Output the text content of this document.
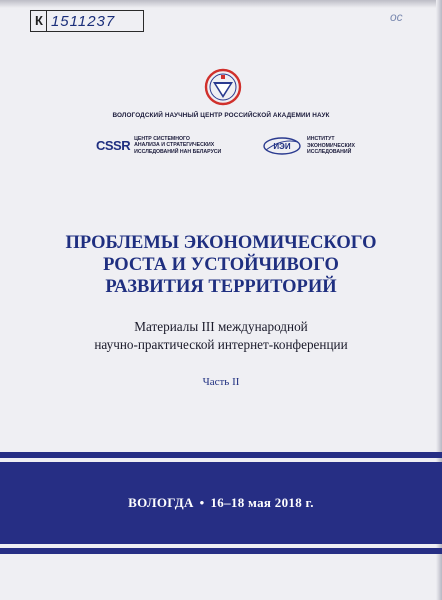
К 1511237	ос
ВОЛОГОДСКИЙ НАУЧНЫЙ ЦЕНТР РОССИЙСКОЙ АКАДЕМИИ НАУК
CSSR ЦЕНТР СИСТЕМНОГО
АНАЛИЗА И СТРАТЕГИЧЕСКИХ
ИССЛЕДОВАНИЙ НАН БЕЛАРУСИ
ИЭИ
ИНСТИТУТ
ЭКОНОМИЧЕСКИХ
ИССЛЕДОВАНИЙ
ПРОБЛЕМЫ ЭКОНОМИЧЕСКОГО
РОСТА И УСТОЙЧИВОГО
РАЗВИТИЯ ТЕРРИТОРИЙ
Материалы III международной
научно-практической интернет-конференции
Часть II
ВОЛОГДА • 16–18 мая 2018 г.
